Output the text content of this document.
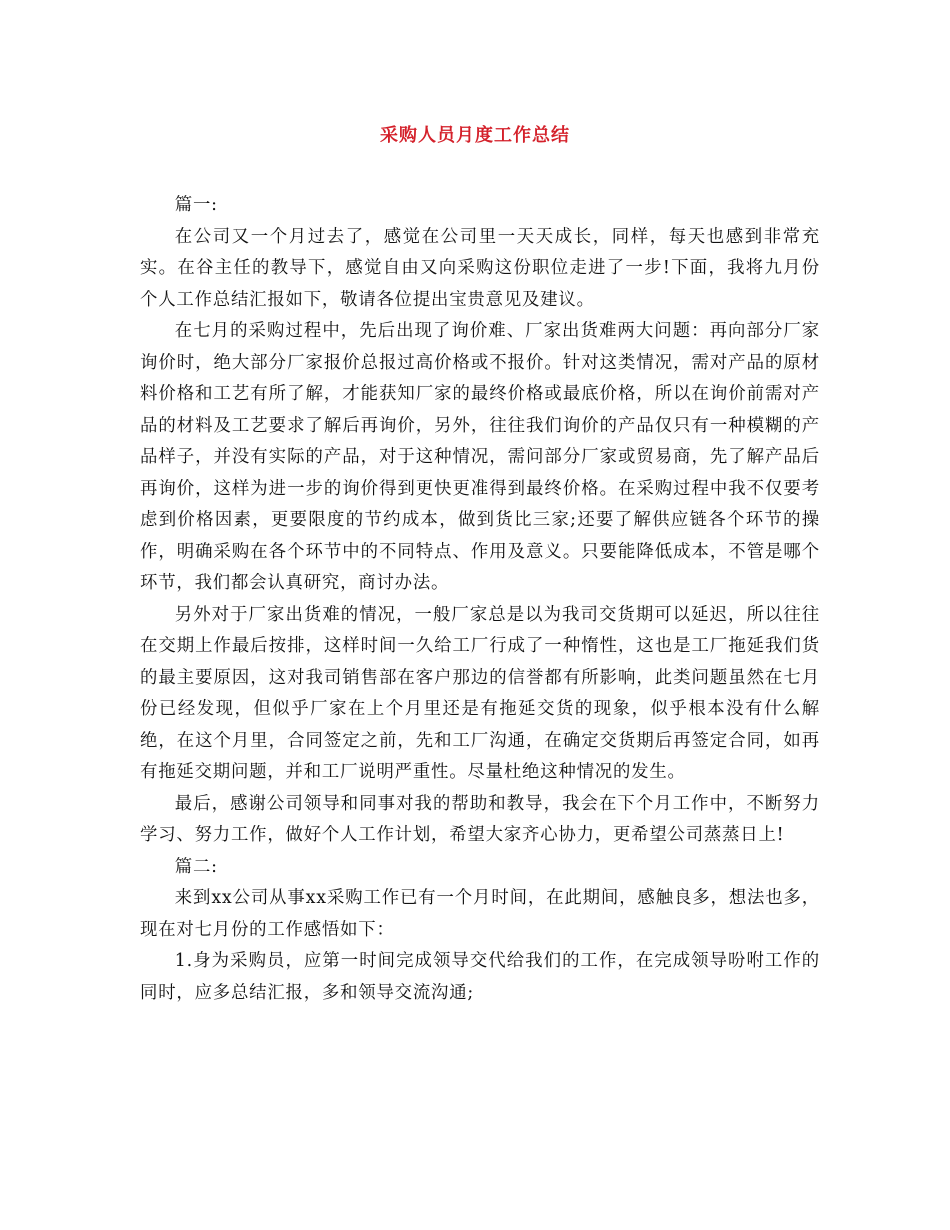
采购人员月度工作总结

篇一:

在公司又一个月过去了，感觉在公司里一天天成长，同样，每天也感到非常充实。在谷主任的教导下，感觉自由又向采购这份职位走进了一步!下面，我将九月份个人工作总结汇报如下，敬请各位提出宝贵意见及建议。

在七月的采购过程中，先后出现了询价难、厂家出货难两大问题：再向部分厂家询价时，绝大部分厂家报价总报过高价格或不报价。针对这类情况，需对产品的原材料价格和工艺有所了解，才能获知厂家的最终价格或最底价格，所以在询价前需对产品的材料及工艺要求了解后再询价，另外，往往我们询价的产品仅只有一种模糊的产品样子，并没有实际的产品，对于这种情况，需问部分厂家或贸易商，先了解产品后再询价，这样为进一步的询价得到更快更准得到最终价格。在采购过程中我不仅要考虑到价格因素，更要限度的节约成本，做到货比三家;还要了解供应链各个环节的操作，明确采购在各个环节中的不同特点、作用及意义。只要能降低成本，不管是哪个环节，我们都会认真研究，商讨办法。

另外对于厂家出货难的情况，一般厂家总是以为我司交货期可以延迟，所以往往在交期上作最后按排，这样时间一久给工厂行成了一种惰性，这也是工厂拖延我们货的最主要原因，这对我司销售部在客户那边的信誉都有所影响，此类问题虽然在七月份已经发现，但似乎厂家在上个月里还是有拖延交货的现象，似乎根本没有什么解绝，在这个月里，合同签定之前，先和工厂沟通，在确定交货期后再签定合同，如再有拖延交期问题，并和工厂说明严重性。尽量杜绝这种情况的发生。

最后，感谢公司领导和同事对我的帮助和教导，我会在下个月工作中，不断努力学习、努力工作，做好个人工作计划，希望大家齐心协力，更希望公司蒸蒸日上!

篇二:

来到xx公司从事xx采购工作已有一个月时间，在此期间，感触良多，想法也多，现在对七月份的工作感悟如下：

1.身为采购员，应第一时间完成领导交代给我们的工作，在完成领导吩咐工作的同时，应多总结汇报，多和领导交流沟通;
